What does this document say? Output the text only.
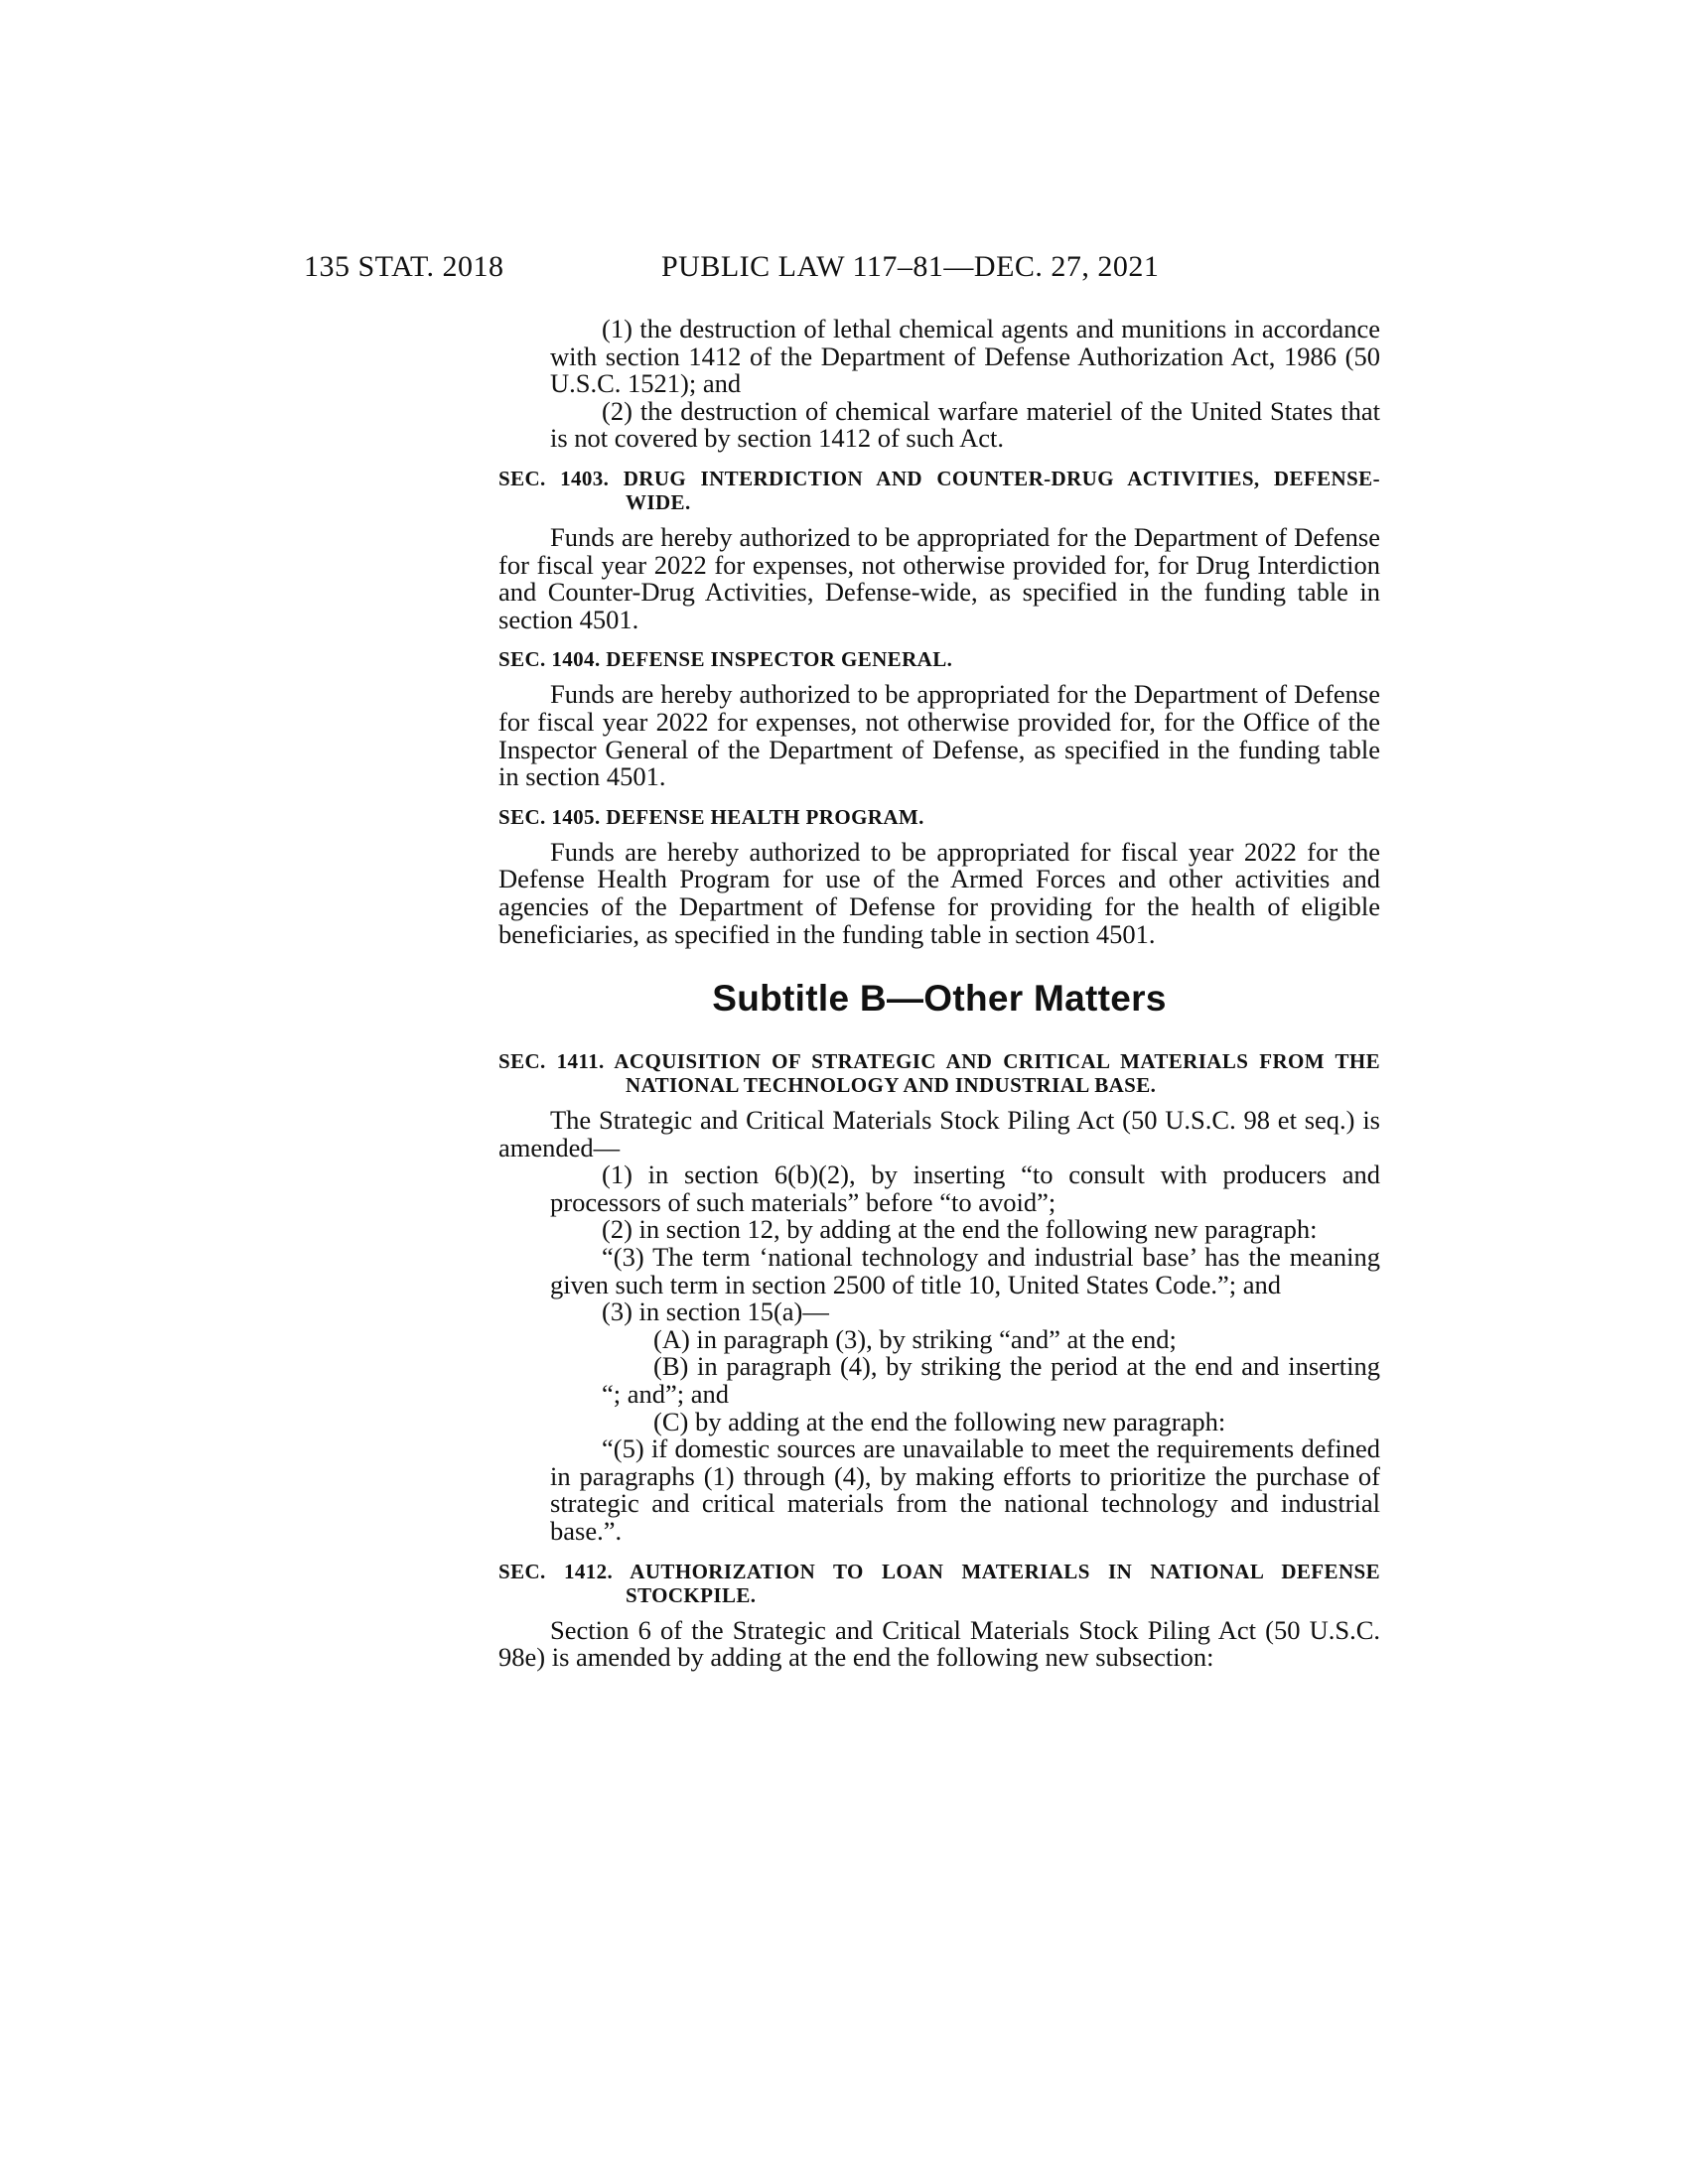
135 STAT. 2018	PUBLIC LAW 117–81—DEC. 27, 2021

(1) the destruction of lethal chemical agents and munitions in accordance with section 1412 of the Department of Defense Authorization Act, 1986 (50 U.S.C. 1521); and

(2) the destruction of chemical warfare materiel of the United States that is not covered by section 1412 of such Act.

SEC. 1403. DRUG INTERDICTION AND COUNTER-DRUG ACTIVITIES, DEFENSE-WIDE.

Funds are hereby authorized to be appropriated for the Department of Defense for fiscal year 2022 for expenses, not otherwise provided for, for Drug Interdiction and Counter-Drug Activities, Defense-wide, as specified in the funding table in section 4501.

SEC. 1404. DEFENSE INSPECTOR GENERAL.

Funds are hereby authorized to be appropriated for the Department of Defense for fiscal year 2022 for expenses, not otherwise provided for, for the Office of the Inspector General of the Department of Defense, as specified in the funding table in section 4501.

SEC. 1405. DEFENSE HEALTH PROGRAM.

Funds are hereby authorized to be appropriated for fiscal year 2022 for the Defense Health Program for use of the Armed Forces and other activities and agencies of the Department of Defense for providing for the health of eligible beneficiaries, as specified in the funding table in section 4501.

Subtitle B—Other Matters
SEC. 1411. ACQUISITION OF STRATEGIC AND CRITICAL MATERIALS FROM THE NATIONAL TECHNOLOGY AND INDUSTRIAL BASE.

The Strategic and Critical Materials Stock Piling Act (50 U.S.C. 98 et seq.) is amended—

(1) in section 6(b)(2), by inserting “to consult with producers and processors of such materials” before “to avoid”;

(2) in section 12, by adding at the end the following new paragraph:

“(3) The term ‘national technology and industrial base’ has the meaning given such term in section 2500 of title 10, United States Code.”; and

(3) in section 15(a)—

(A) in paragraph (3), by striking “and” at the end;

(B) in paragraph (4), by striking the period at the end and inserting “; and”; and

(C) by adding at the end the following new paragraph:

“(5) if domestic sources are unavailable to meet the requirements defined in paragraphs (1) through (4), by making efforts to prioritize the purchase of strategic and critical materials from the national technology and industrial base.”.

SEC. 1412. AUTHORIZATION TO LOAN MATERIALS IN NATIONAL DEFENSE STOCKPILE.

Section 6 of the Strategic and Critical Materials Stock Piling Act (50 U.S.C. 98e) is amended by adding at the end the following new subsection:
